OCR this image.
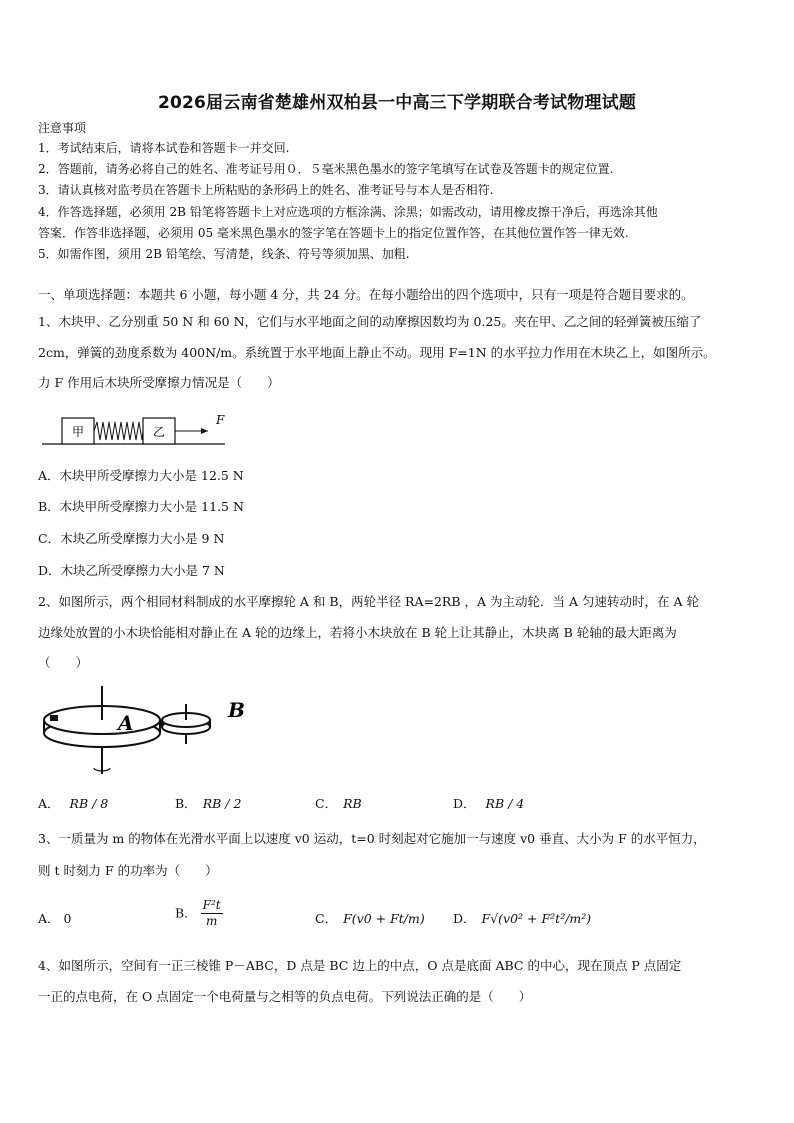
2026届云南省楚雄州双柏县一中高三下学期联合考试物理试题
注意事项
1．考试结束后，请将本试卷和答题卡一并交回.
2．答题前，请务必将自己的姓名、准考证号用０．５毫米黑色墨水的签字笔填写在试卷及答题卡的规定位置.
3．请认真核对监考员在答题卡上所粘贴的条形码上的姓名、准考证号与本人是否相符.
4．作答选择题，必须用 2B 铅笔将答题卡上对应选项的方框涂满、涂黑；如需改动，请用橡皮擦干净后，再选涂其他
答案．作答非选择题，必须用 05 毫米黑色墨水的签字笔在答题卡上的指定位置作答，在其他位置作答一律无效.
5．如需作图，须用 2B 铅笔绘、写清楚，线条、符号等须加黑、加粗.
一、单项选择题：本题共 6 小题，每小题 4 分，共 24 分。在每小题给出的四个选项中，只有一项是符合题目要求的。
1、木块甲、乙分别重 50 N 和 60 N，它们与水平地面之间的动摩擦因数均为 0.25。夹在甲、乙之间的轻弹簧被压缩了
2cm，弹簧的劲度系数为 400N/m。系统置于水平地面上静止不动。现用 F=1N 的水平拉力作用在木块乙上，如图所示。
力 F 作用后木块所受摩擦力情况是（　　）
甲	乙
F
A．木块甲所受摩擦力大小是 12.5 N
B．木块甲所受摩擦力大小是 11.5 N
C．木块乙所受摩擦力大小是 9 N
D．木块乙所受摩擦力大小是 7 N
2、如图所示，两个相同材料制成的水平摩擦轮 A 和 B，两轮半径 RA=2RB ，A 为主动轮．当 A 匀速转动时，在 A 轮
边缘处放置的小木块恰能相对静止在 A 轮的边缘上，若将小木块放在 B 轮上让其静止，木块离 B 轮轴的最大距离为
（　　）
A
B
A． RB / 8	B． RB / 2	C． RB	D． RB / 4
3、一质量为 m 的物体在光滑水平面上以速度 v0 运动，t=0 时刻起对它施加一与速度 v0 垂直、大小为 F 的水平恒力，
则 t 时刻力 F 的功率为（　　）
A． 0	B． $\frac{\text{F²t}}{m}$	C． F(v0 + Ft/m) D． F√(v0² + F²t²/m²)
4、如图所示，空间有一正三棱锥 P－ABC，D 点是 BC 边上的中点，O 点是底面 ABC 的中心，现在顶点 P 点固定
一正的点电荷，在 O 点固定一个电荷量与之相等的负点电荷。下列说法正确的是（　　）
